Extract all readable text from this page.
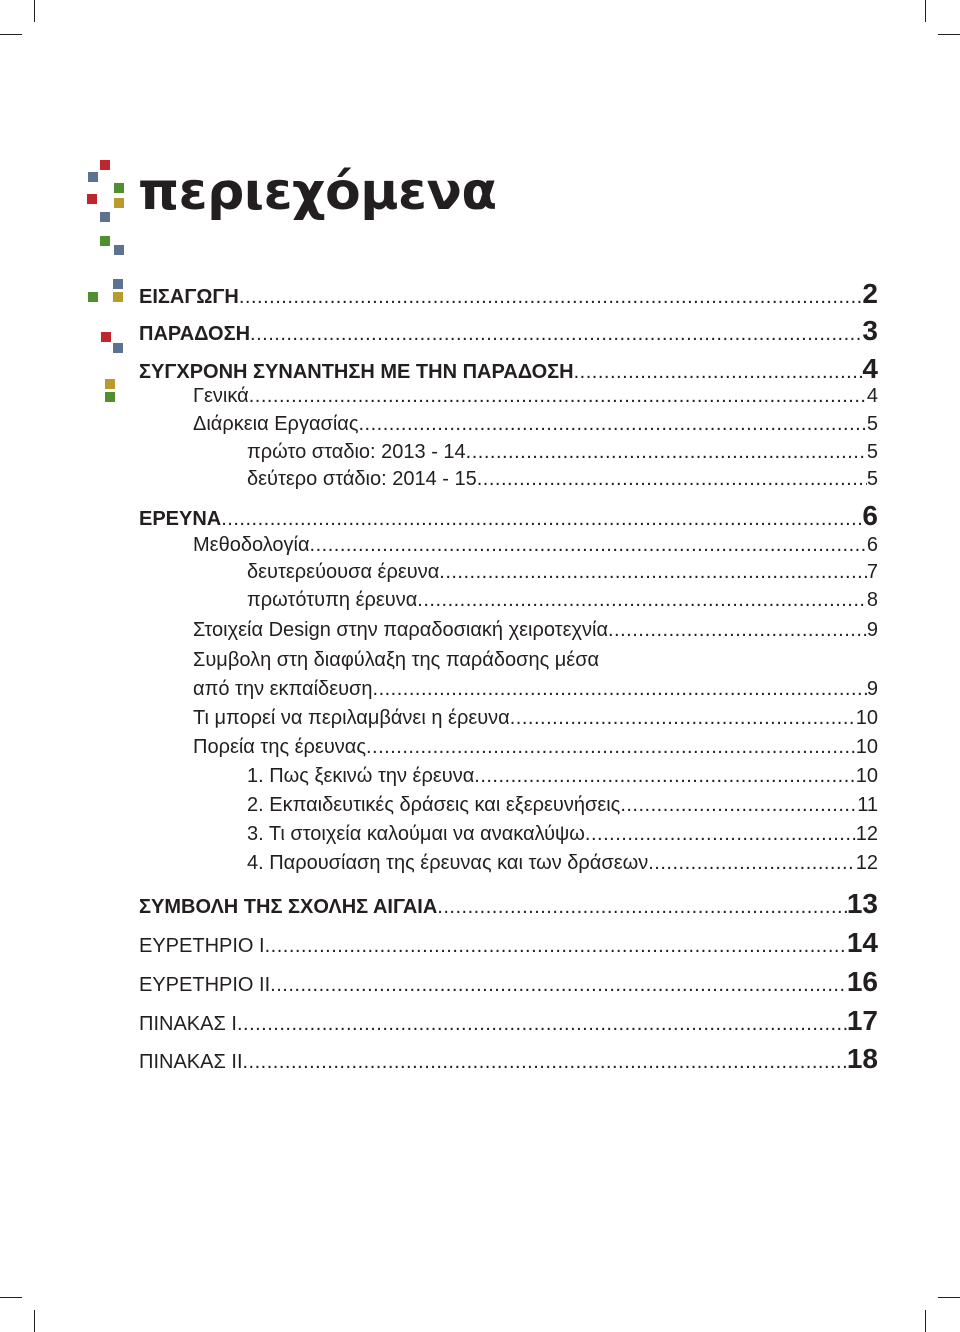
περιεχόμενα
ΕΙΣΑΓΩΓΗ .....	2
ΠΑΡΑΔΟΣΗ .....	3
ΣΥΓΧΡΟΝΗ ΣΥΝΑΝΤΗΣΗ ΜΕ ΤΗΝ ΠΑΡΑΔΟΣΗ .....	4
Γενικά .....	4
Διάρκεια Εργασίας .....	5
πρώτο σταδιο: 2013 - 14 .....	5
δεύτερο στάδιο: 2014 - 15 .....	5
ΕΡΕΥΝΑ .....	6
Μεθοδολογία .....	6
δευτερεύουσα έρευνα .....	7
πρωτότυπη έρευνα .....	8
Στοιχεία Design στην παραδοσιακή χειροτεχνία .....	9
Συμβολη στη διαφύλαξη της παράδοσης μέσα
από την εκπαίδευση .....	9
Τι μπορεί να περιλαμβάνει η έρευνα .....	10
Πορεία της έρευνας .....	10
1. Πως ξεκινώ την έρευνα .....	10
2. Εκπαιδευτικές δράσεις και εξερευνήσεις .....	11
3. Τι στοιχεία καλούμαι να ανακαλύψω .....	12
4. Παρουσίαση της έρευνας και των δράσεων .....	12
ΣΥΜΒΟΛΗ ΤΗΣ ΣΧΟΛΗΣ ΑΙΓΑΙΑ .....	13
ΕΥΡΕΤΗΡΙΟ I .....	14
ΕΥΡΕΤΗΡΙΟ II .....	16
ΠΙΝΑΚΑΣ I .....	17
ΠΙΝΑΚΑΣ II .....	18
